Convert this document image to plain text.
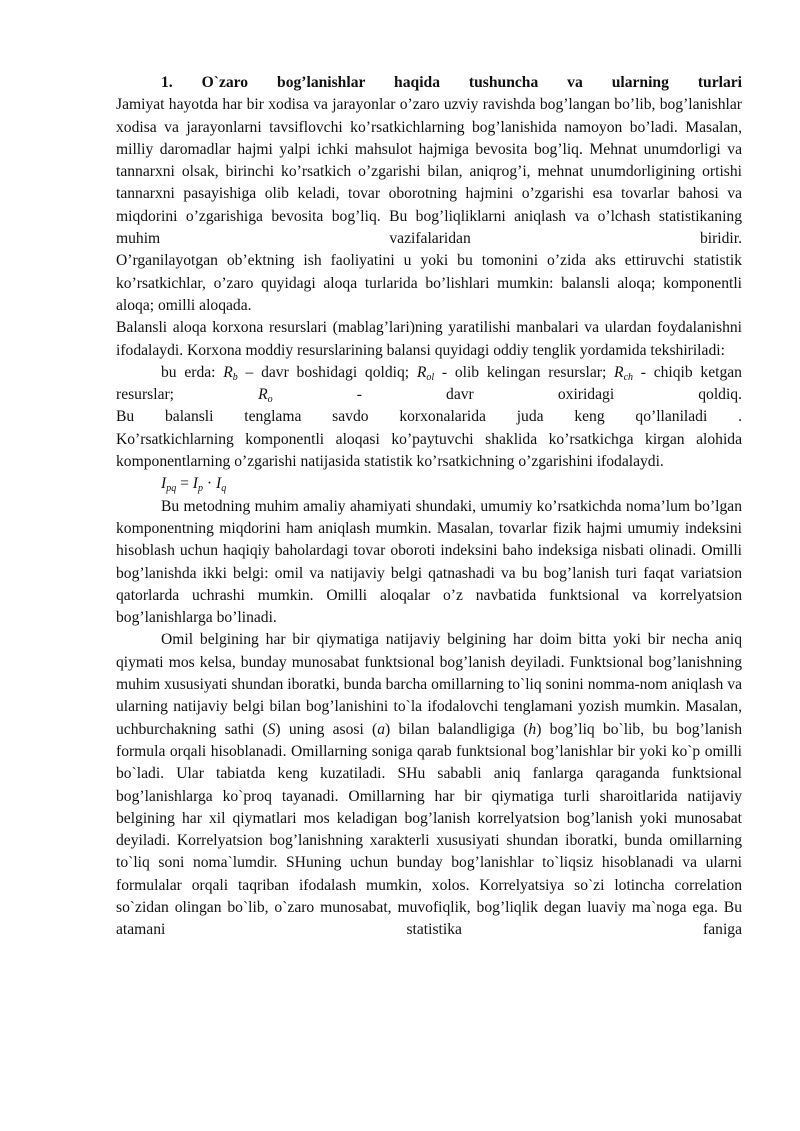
1. O`zaro bog’lanishlar haqida tushuncha va ularning turlari

Jamiyat hayotda har bir xodisa va jarayonlar o’zaro uzviy ravishda bog’langan bo’lib, bog’lanishlar xodisa va jarayonlarni tavsiflovchi ko’rsatkichlarning bog’lanishida namoyon bo’ladi. Masalan, milliy daromadlar hajmi yalpi ichki mahsulot hajmiga bevosita bog’liq. Mehnat unumdorligi va tannarxni olsak, birinchi ko’rsatkich o’zgarishi bilan, aniqrog’i, mehnat unumdorligining ortishi tannarxni pasayishiga olib keladi, tovar oborotning hajmini o’zgarishi esa tovarlar bahosi va miqdorini o’zgarishiga bevosita bog’liq. Bu bog’liqliklarni aniqlash va o’lchash statistikaning muhim vazifalaridan biridir.

O’rganilayotgan ob’ektning ish faoliyatini u yoki bu tomonini o’zida aks ettiruvchi statistik ko’rsatkichlar, o’zaro quyidagi aloqa turlarida bo’lishlari mumkin: balansli aloqa; komponentli aloqa; omilli aloqada.

Balansli aloqa korxona resurslari (mablag’lari)ning yaratilishi manbalari va ulardan foydalanishni ifodalaydi. Korxona moddiy resurslarining balansi quyidagi oddiy tenglik yordamida tekshiriladi:

bu erda: $R_b$ – davr boshidagi qoldiq; $R_{ol}$ - olib kelingan resurslar; $R_{ch}$ - chiqib ketgan resurslar; $R_o$ - davr oxiridagi qoldiq.

Bu balansli tenglama savdo korxonalarida juda keng qo’llaniladi .

Ko’rsatkichlarning komponentli aloqasi ko’paytuvchi shaklida ko’rsatkichga kirgan alohida komponentlarning o’zgarishi natijasida statistik ko’rsatkichning o’zgarishini ifodalaydi.

$I_{pq} = I_p \cdot I_q$

Bu metodning muhim amaliy ahamiyati shundaki, umumiy ko’rsatkichda noma’lum bo’lgan komponentning miqdorini ham aniqlash mumkin. Masalan, tovarlar fizik hajmi umumiy indeksini hisoblash uchun haqiqiy baholardagi tovar oboroti indeksini baho indeksiga nisbati olinadi. Omilli bog’lanishda ikki belgi: omil va natijaviy belgi qatnashadi va bu bog’lanish turi faqat variatsion qatorlarda uchrashi mumkin. Omilli aloqalar o’z navbatida funktsional va korrelyatsion bog’lanishlarga bo’linadi.

Omil belgining har bir qiymatiga natijaviy belgining har doim bitta yoki bir necha aniq qiymati mos kelsa, bunday munosabat funktsional bog’lanish deyiladi. Funktsional bog’lanishning muhim xususiyati shundan iboratki, bunda barcha omillarning to`liq sonini nomma-nom aniqlash va ularning natijaviy belgi bilan bog’lanishini to`la ifodalovchi tenglamani yozish mumkin. Masalan, uchburchakning sathi (S) uning asosi (a) bilan balandligiga (h) bog’liq bo`lib, bu bog’lanish formula orqali hisoblanadi. Omillarning soniga qarab funktsional bog’lanishlar bir yoki ko`p omilli bo`ladi. Ular tabiatda keng kuzatiladi. SHu sababli aniq fanlarga qaraganda funktsional bog’lanishlarga ko`proq tayanadi. Omillarning har bir qiymatiga turli sharoitlarida natijaviy belgining har xil qiymatlari mos keladigan bog’lanish korrelyatsion bog’lanish yoki munosabat deyiladi. Korrelyatsion bog’lanishning xarakterli xususiyati shundan iboratki, bunda omillarning to`liq soni noma`lumdir. SHuning uchun bunday bog’lanishlar to`liqsiz hisoblanadi va ularni formulalar orqali taqriban ifodalash mumkin, xolos. Korrelyatsiya so`zi lotincha correlation so`zidan olingan bo`lib, o`zaro munosabat, muvofiqlik, bog’liqlik degan luaviy ma`noga ega. Bu atamani statistika faniga
